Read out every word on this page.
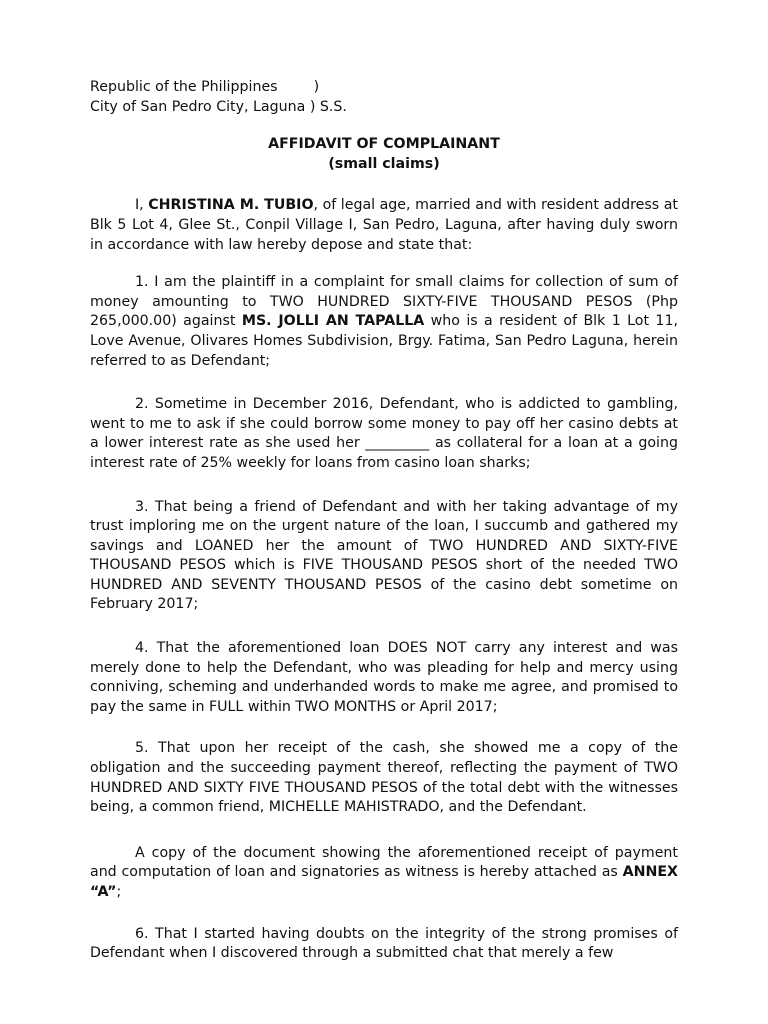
Republic of the Philippines        )

City of San Pedro City, Laguna ) S.S.

AFFIDAVIT OF COMPLAINANT
(small claims)

I, CHRISTINA M. TUBIO, of legal age, married and with resident address at Blk 5 Lot 4, Glee St., Conpil Village I, San Pedro, Laguna, after having duly sworn in accordance with law hereby depose and state that:

1. I am the plaintiff in a complaint for small claims for collection of sum of money amounting to TWO HUNDRED SIXTY-FIVE THOUSAND PESOS (Php 265,000.00) against MS. JOLLI AN TAPALLA who is a resident of Blk 1 Lot 11, Love Avenue, Olivares Homes Subdivision, Brgy. Fatima, San Pedro Laguna, herein referred to as Defendant;

2. Sometime in December 2016, Defendant, who is addicted to gambling, went to me to ask if she could borrow some money to pay off her casino debts at a lower interest rate as she used her _________ as collateral for a loan at a going interest rate of 25% weekly for loans from casino loan sharks;

3. That being a friend of Defendant and with her taking advantage of my trust imploring me on the urgent nature of the loan, I succumb and gathered my savings and LOANED her the amount of TWO HUNDRED AND SIXTY-FIVE THOUSAND PESOS which is FIVE THOUSAND PESOS short of the needed TWO HUNDRED AND SEVENTY THOUSAND PESOS of the casino debt sometime on February 2017;

4. That the aforementioned loan DOES NOT carry any interest and was merely done to help the Defendant, who was pleading for help and mercy using conniving, scheming and underhanded words to make me agree, and promised to pay the same in FULL within TWO MONTHS or April 2017;

5. That upon her receipt of the cash, she showed me a copy of the obligation and the succeeding payment thereof, reflecting the payment of TWO HUNDRED AND SIXTY FIVE THOUSAND PESOS of the total debt with the witnesses being, a common friend, MICHELLE MAHISTRADO, and the Defendant.

A copy of the document showing the aforementioned receipt of payment and computation of loan and signatories as witness is hereby attached as ANNEX “A”;

6. That I started having doubts on the integrity of the strong promises of Defendant when I discovered through a submitted chat that merely a few
